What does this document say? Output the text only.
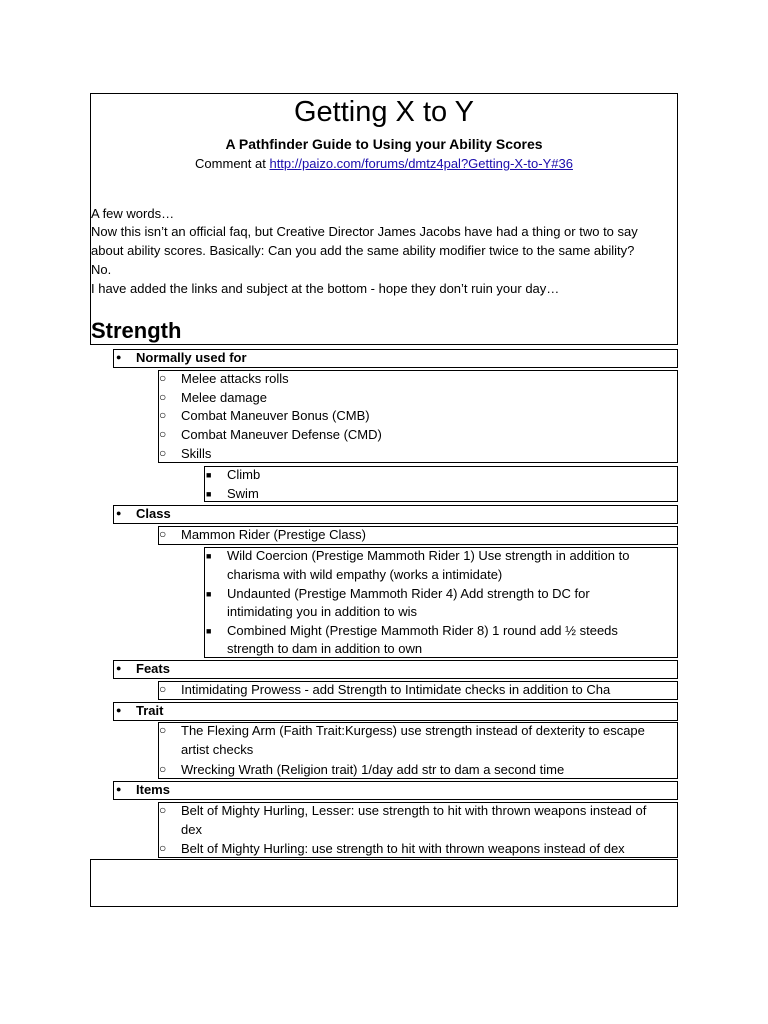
Getting X to Y
A Pathfinder Guide to Using your Ability Scores
Comment at http://paizo.com/forums/dmtz4pal?Getting-X-to-Y#36
A few words…
Now this isn’t an official faq, but Creative Director James Jacobs have had a thing or two to say
about ability scores. Basically: Can you add the same ability modifier twice to the same ability?
No.
I have added the links and subject at the bottom - hope they don’t ruin your day…
Strength
● Normally used for
○ Melee attacks rolls
○ Melee damage
○ Combat Maneuver Bonus (CMB)
○ Combat Maneuver Defense (CMD)
○ Skills
■ Climb
■ Swim
● Class
○ Mammon Rider (Prestige Class)
■ Wild Coercion (Prestige Mammoth Rider 1) Use strength in addition to
charisma with wild empathy (works a intimidate)
■ Undaunted (Prestige Mammoth Rider 4) Add strength to DC for
intimidating you in addition to wis
■ Combined Might (Prestige Mammoth Rider 8) 1 round add ½ steeds
strength to dam in addition to own
● Feats
○ Intimidating Prowess - add Strength to Intimidate checks in addition to Cha
● Trait
○ The Flexing Arm (Faith Trait:Kurgess) use strength instead of dexterity to escape
artist checks
○ Wrecking Wrath (Religion trait) 1/day add str to dam a second time
● Items
○ Belt of Mighty Hurling, Lesser: use strength to hit with thrown weapons instead of
dex
○ Belt of Mighty Hurling: use strength to hit with thrown weapons instead of dex
